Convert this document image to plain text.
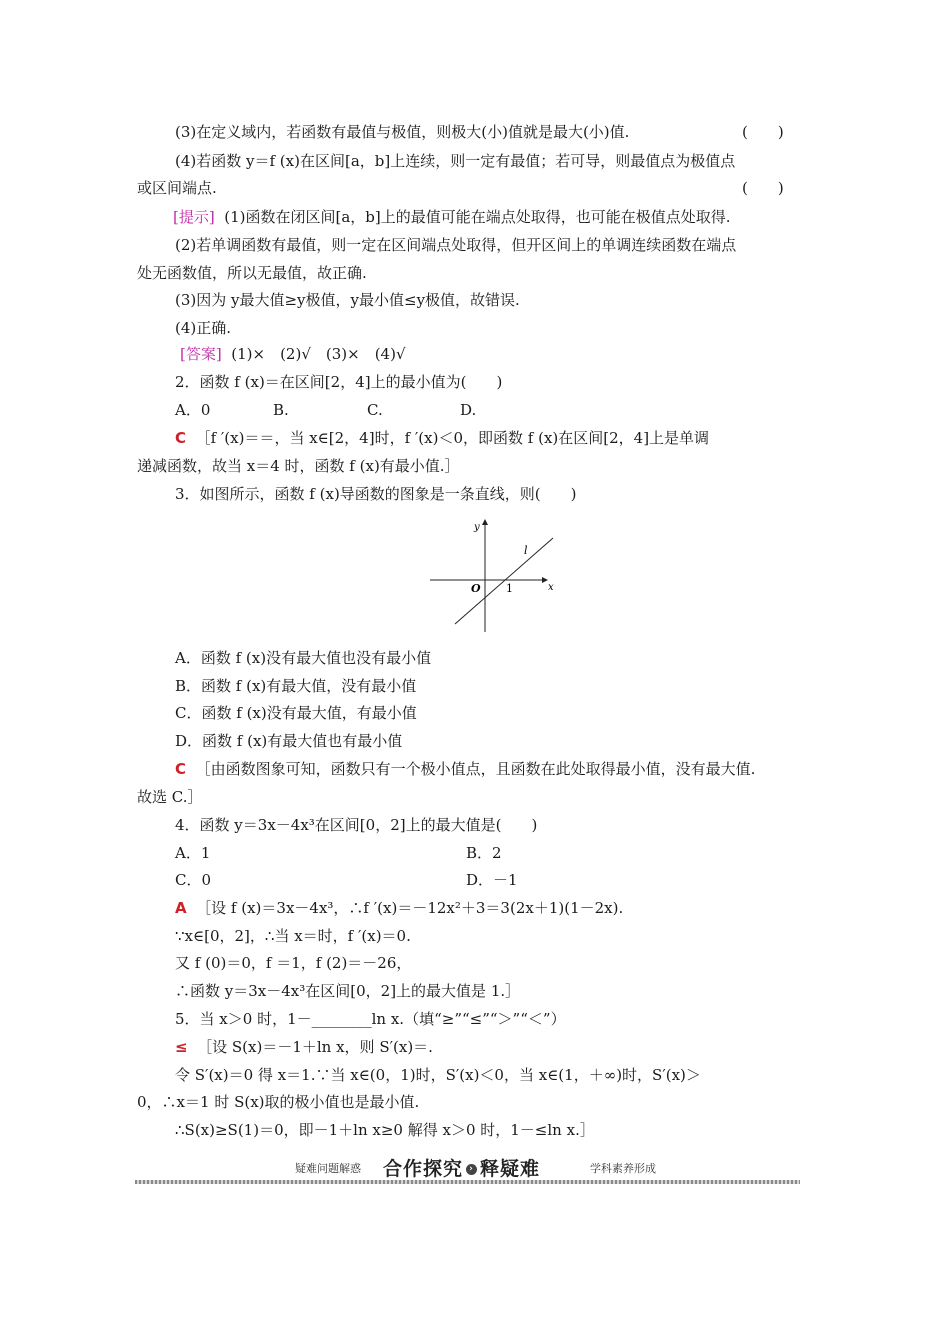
(3)在定义域内，若函数有最值与极值，则极大(小)值就是最大(小)值.	(　　)
(4)若函数 y＝f (x)在区间[a，b]上连续，则一定有最值；若可导，则最值点为极值点
或区间端点.	(　　)
[提示] (1)函数在闭区间[a，b]上的最值可能在端点处取得，也可能在极值点处取得.
(2)若单调函数有最值，则一定在区间端点处取得，但开区间上的单调连续函数在端点
处无函数值，所以无最值，故正确.
(3)因为 y最大值≥y极值，y最小值≤y极值，故错误.
(4)正确.
[答案] (1)×　(2)√　(3)×　(4)√
2．函数 f (x)＝在区间[2，4]上的最小值为(　　)
A．0	B.	C.	D.
C ［f ′(x)＝＝，当 x∈[2，4]时，f ′(x)＜0，即函数 f (x)在区间[2，4]上是单调
递减函数，故当 x＝4 时，函数 f (x)有最小值.］
3．如图所示，函数 f (x)导函数的图象是一条直线，则(　　)
y
x
O 1
l
A．函数 f (x)没有最大值也没有最小值
B．函数 f (x)有最大值，没有最小值
C．函数 f (x)没有最大值，有最小值
D．函数 f (x)有最大值也有最小值
C ［由函数图象可知，函数只有一个极小值点，且函数在此处取得最小值，没有最大值.
故选 C.］
4．函数 y＝3x－4x³在区间[0，2]上的最大值是(　　)
A．1	B．2
C．0	D．－1
A ［设 f (x)＝3x－4x³，∴f ′(x)＝－12x²＋3＝3(2x＋1)(1－2x).
∵x∈[0，2]，∴当 x＝时，f ′(x)＝0.
又 f (0)＝0，f ＝1，f (2)＝－26，
∴函数 y＝3x－4x³在区间[0，2]上的最大值是 1.］
5．当 x＞0 时，1－________ln x.（填“≥”“≤”“＞”“＜”）
≤ ［设 S(x)＝－1＋ln x，则 S′(x)＝.
令 S′(x)＝0 得 x＝1.∵当 x∈(0，1)时，S′(x)＜0，当 x∈(1，＋∞)时，S′(x)＞
0，∴x＝1 时 S(x)取的极小值也是最小值.
∴S(x)≥S(1)＝0，即－1＋ln x≥0 解得 x＞0 时，1－≤ln x.］
疑难问题解惑 合作探究 › 释疑难	学科素养形成
